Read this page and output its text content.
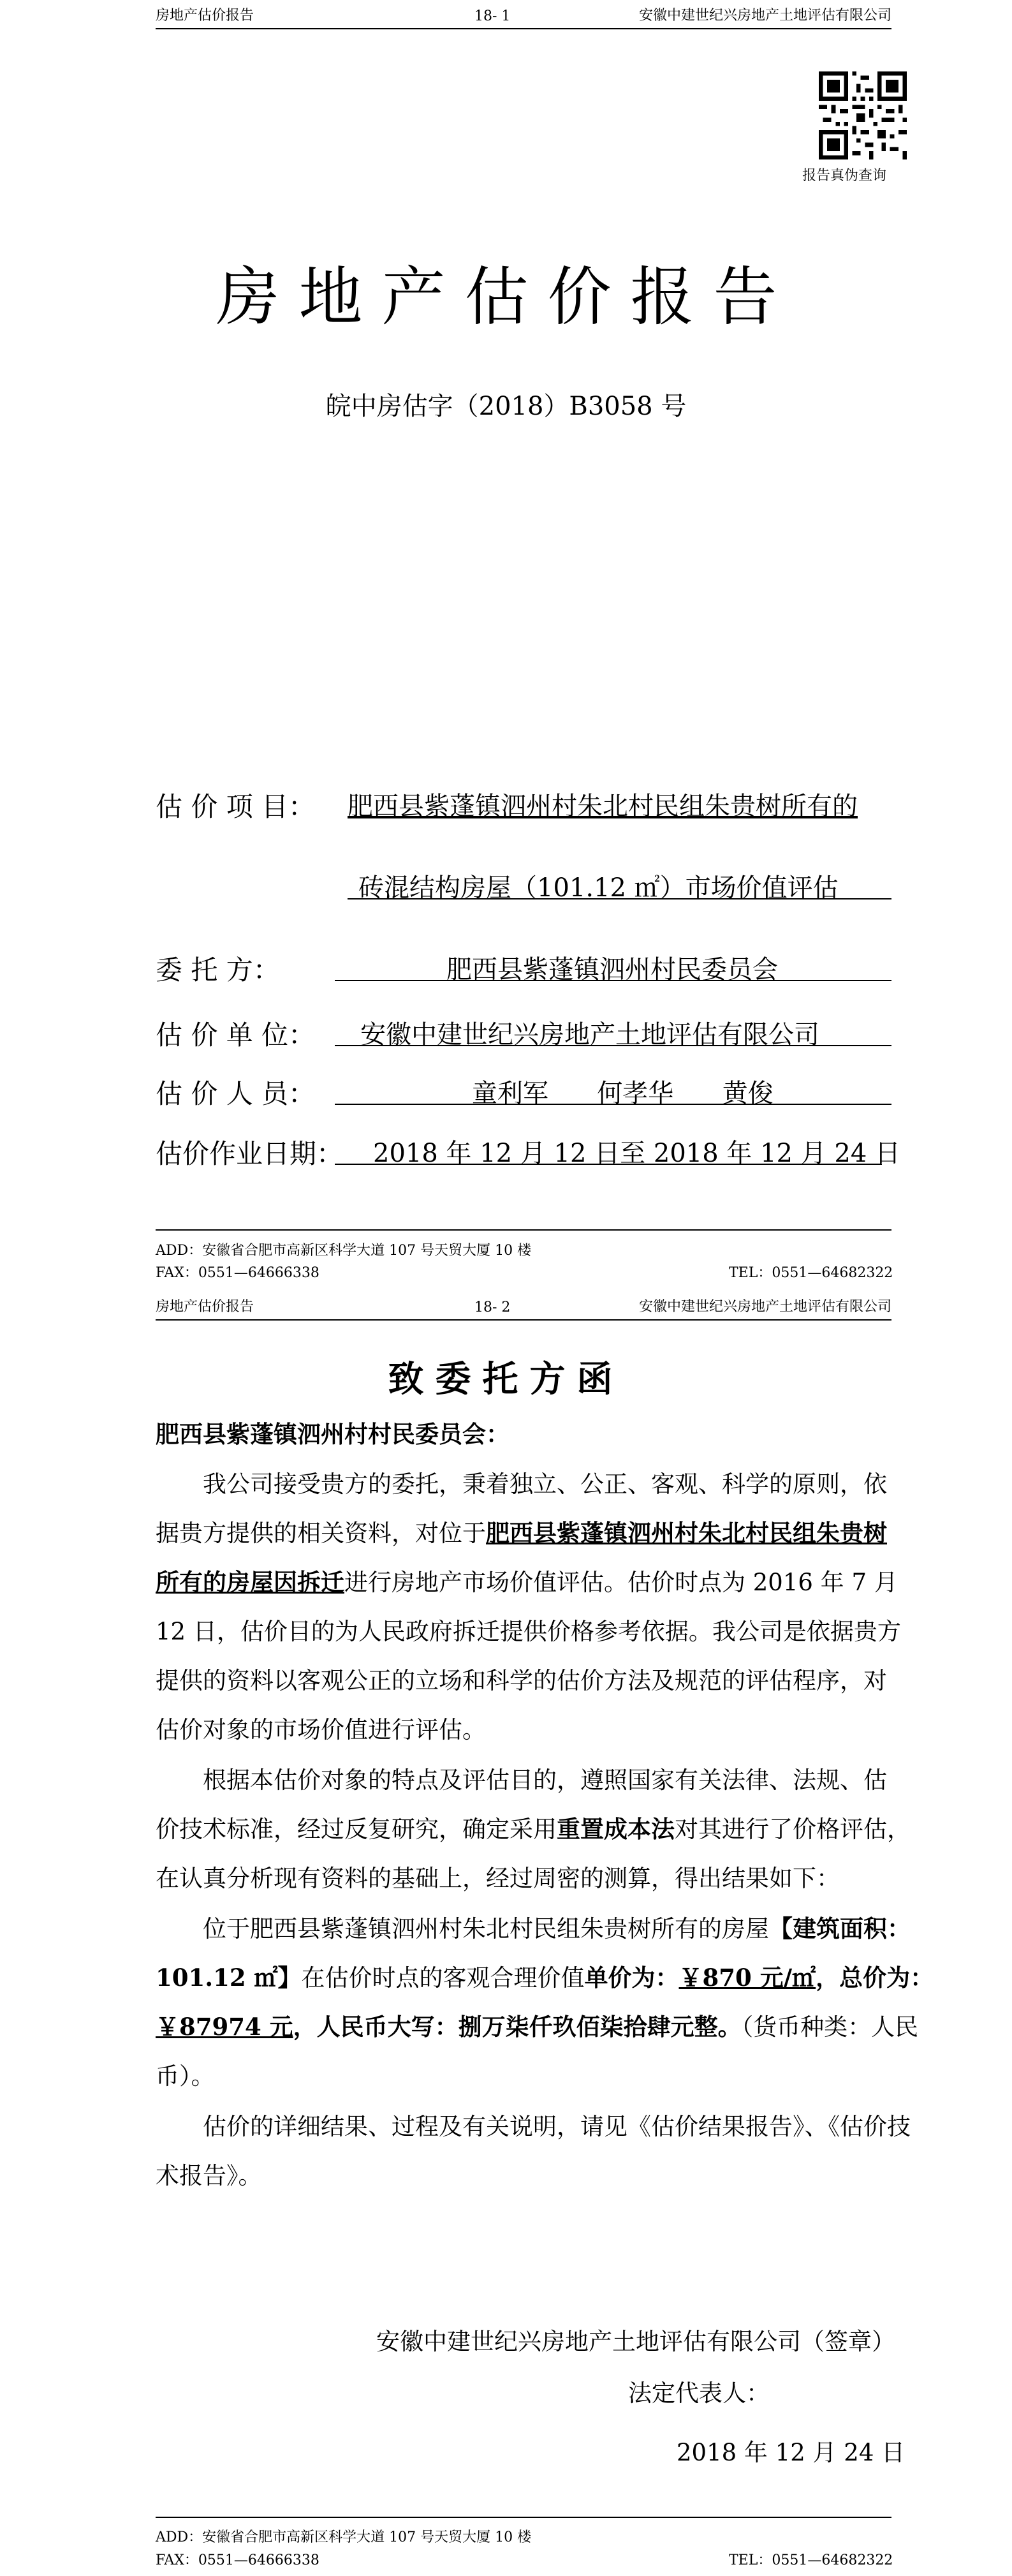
房地产估价报告	18- 1	安徽中建世纪兴房地产土地评估有限公司
报告真伪查询
房地产估价报告
皖中房估字（2018）B3058 号
估 价 项 目： 肥西县紫蓬镇泗州村朱北村民组朱贵树所有的
砖混结构房屋（101.12 ㎡）市场价值评估
委 托 方：	肥西县紫蓬镇泗州村民委员会
估 价 单 位： 安徽中建世纪兴房地产土地评估有限公司
估 价 人 员：	童利军      何孝华      黄俊
估价作业日期： 2018 年 12 月 12 日至 2018 年 12 月 24 日
ADD：安徽省合肥市高新区科学大道 107 号天贸大厦 10 楼
FAX：0551—64666338	TEL：0551—64682322
房地产估价报告	18- 2	安徽中建世纪兴房地产土地评估有限公司
致委托方函
肥西县紫蓬镇泗州村村民委员会：
我公司接受贵方的委托，秉着独立、公正、客观、科学的原则，依
据贵方提供的相关资料，对位于肥西县紫蓬镇泗州村朱北村民组朱贵树
所有的房屋因拆迁进行房地产市场价值评估。估价时点为 2016 年 7 月
12 日，估价目的为人民政府拆迁提供价格参考依据。我公司是依据贵方
提供的资料以客观公正的立场和科学的估价方法及规范的评估程序，对
估价对象的市场价值进行评估。
根据本估价对象的特点及评估目的，遵照国家有关法律、法规、估
价技术标准，经过反复研究，确定采用重置成本法对其进行了价格评估，
在认真分析现有资料的基础上，经过周密的测算，得出结果如下：
位于肥西县紫蓬镇泗州村朱北村民组朱贵树所有的房屋【建筑面积：
101.12 ㎡】在估价时点的客观合理价值单价为：￥870 元/㎡，总价为：
￥87974 元，人民币大写：捌万柒仟玖佰柒拾肆元整。（货币种类：人民
币）。
估价的详细结果、过程及有关说明，请见《估价结果报告》、《估价技
术报告》。
安徽中建世纪兴房地产土地评估有限公司（签章）
法定代表人：
2018 年 12 月 24 日
ADD：安徽省合肥市高新区科学大道 107 号天贸大厦 10 楼
FAX：0551—64666338	TEL：0551—64682322
